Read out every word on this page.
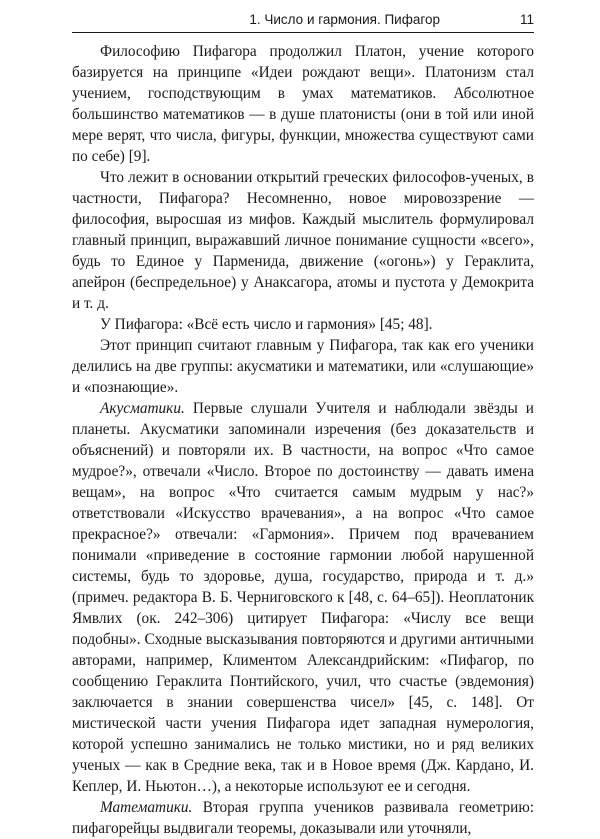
1. Число и гармония. Пифагор	11

Философию Пифагора продолжил Платон, учение которого базируется на принципе «Идеи рождают вещи». Платонизм стал учением, господствующим в умах математиков. Абсолютное большинство математиков — в душе платонисты (они в той или иной мере верят, что числа, фигуры, функции, множества существуют сами по себе) [9].

Что лежит в основании открытий греческих философов-ученых, в частности, Пифагора? Несомненно, новое мировоззрение — философия, выросшая из мифов. Каждый мыслитель формулировал главный принцип, выражавший личное понимание сущности «всего», будь то Единое у Парменида, движение («огонь») у Гераклита, апейрон (беспредельное) у Анаксагора, атомы и пустота у Демокрита и т. д.

У Пифагора: «Всё есть число и гармония» [45; 48].

Этот принцип считают главным у Пифагора, так как его ученики делились на две группы: акусматики и математики, или «слушающие» и «познающие».

Акусматики. Первые слушали Учителя и наблюдали звёзды и планеты. Акусматики запоминали изречения (без доказательств и объяснений) и повторяли их. В частности, на вопрос «Что самое мудрое?», отвечали «Число. Второе по достоинству — давать имена вещам», на вопрос «Что считается самым мудрым у нас?» ответствовали «Искусство врачевания», а на вопрос «Что самое прекрасное?» отвечали: «Гармония». Причем под врачеванием понимали «приведение в состояние гармонии любой нарушенной системы, будь то здоровье, душа, государство, природа и т. д.» (примеч. редактора В. Б. Черниговского к [48, с. 64–65]). Неоплатоник Ямвлих (ок. 242–306) цитирует Пифагора: «Числу все вещи подобны». Сходные высказывания повторяются и другими античными авторами, например, Климентом Александрийским: «Пифагор, по сообщению Гераклита Понтийского, учил, что счастье (эвдемония) заключается в знании совершенства чисел» [45, с. 148]. От мистической части учения Пифагора идет западная нумерология, которой успешно занимались не только мистики, но и ряд великих ученых — как в Средние века, так и в Новое время (Дж. Кардано, И. Кеплер, И. Ньютон…), а некоторые используют ее и сегодня.

Математики. Вторая группа учеников развивала геометрию: пифагорейцы выдвигали теоремы, доказывали или уточняли,
